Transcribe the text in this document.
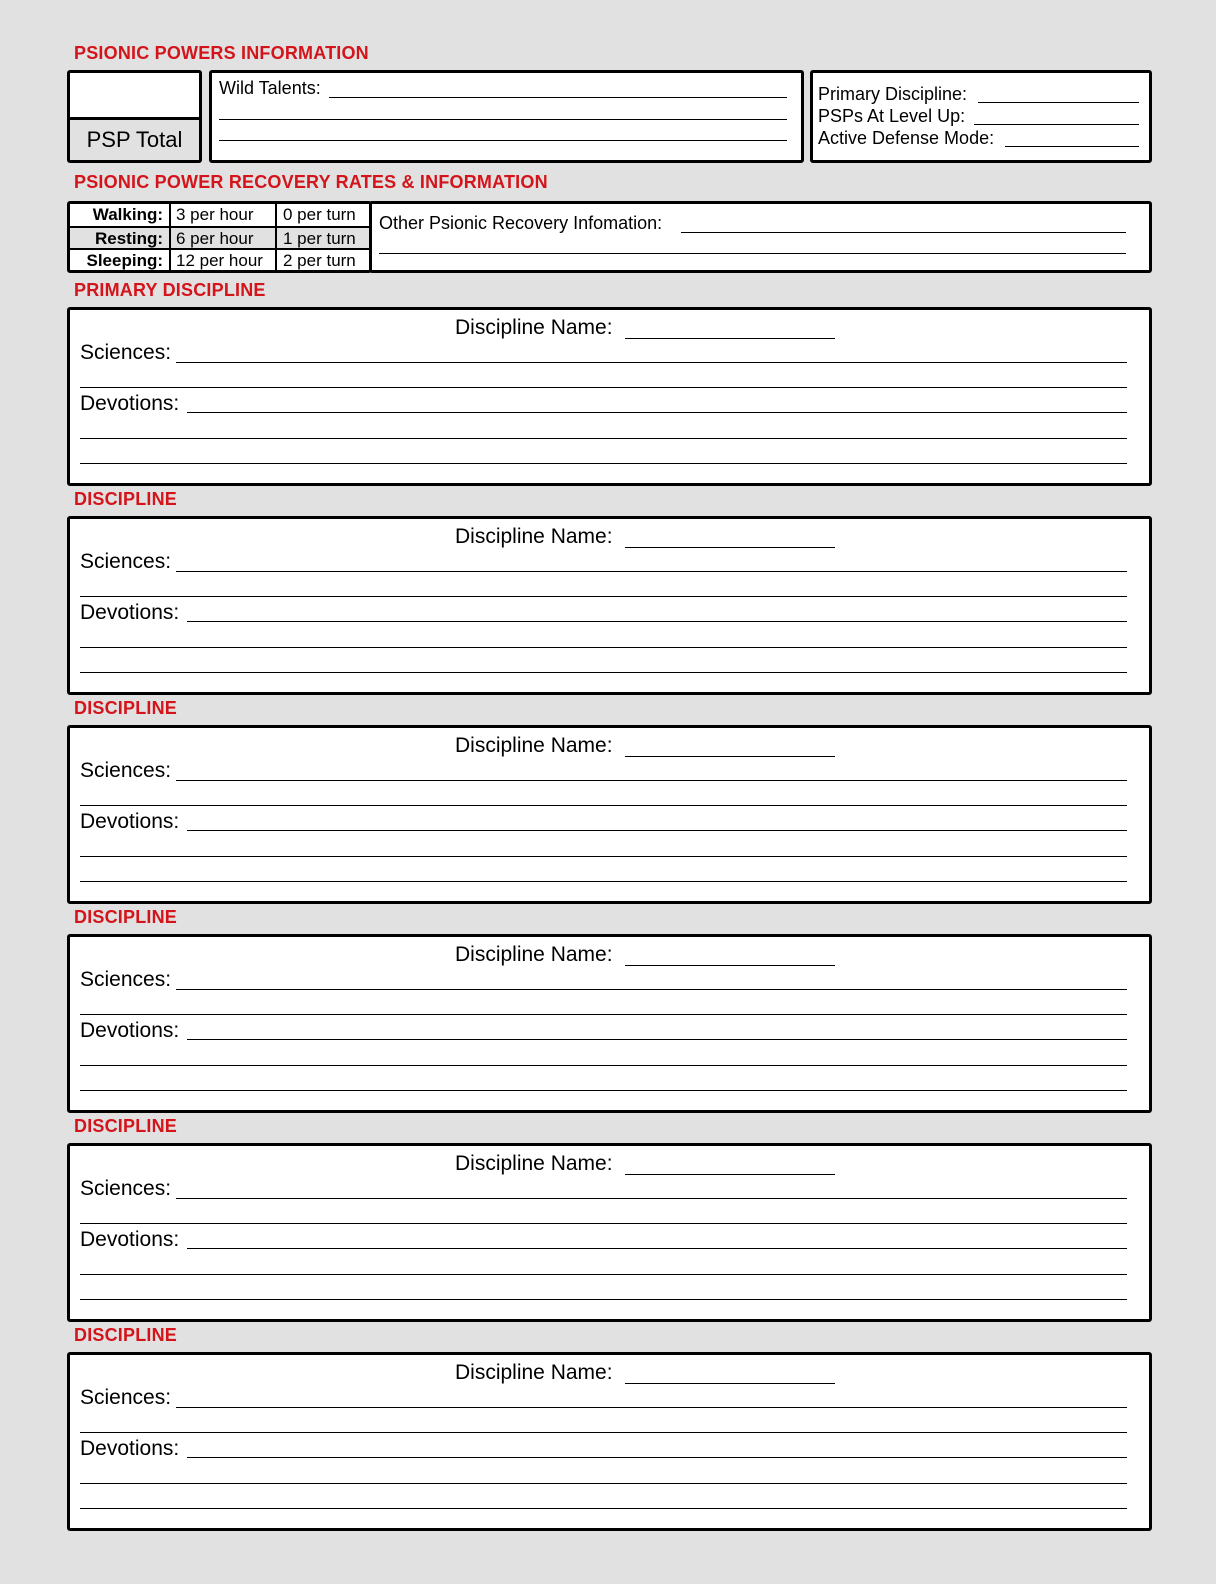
PSIONIC POWERS INFORMATION
PSP Total
Wild Talents:	Primary Discipline:
PSPs At Level Up:
Active Defense Mode:
PSIONIC POWER RECOVERY RATES & INFORMATION
Walking: 3 per hour	0 per turn
Resting: 6 per hour	1 per turn
Sleeping: 12 per hour	2 per turn
Other Psionic Recovery Infomation:
PRIMARY DISCIPLINE
Discipline Name:
Sciences:
Devotions:
DISCIPLINE
Discipline Name:
Sciences:
Devotions:
DISCIPLINE
Discipline Name:
Sciences:
Devotions:
DISCIPLINE
Discipline Name:
Sciences:
Devotions:
DISCIPLINE
Discipline Name:
Sciences:
Devotions:
DISCIPLINE
Discipline Name:
Sciences:
Devotions:
